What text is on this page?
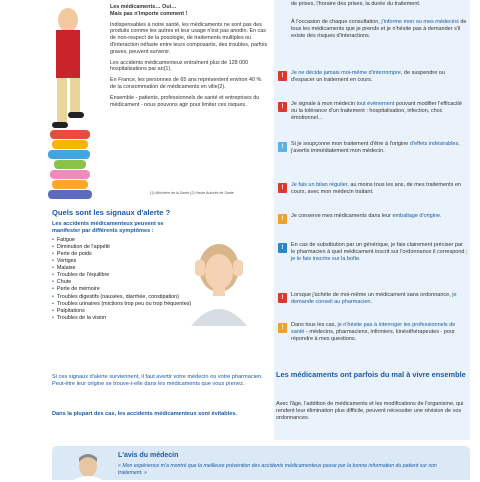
Les médicaments… Oui…

Mais pas n'importe comment !

Indispensables à notre santé, les médicaments ne sont pas des produits comme les autres et leur usage n'est pas anodin. En cas de non-respect de la posologie, de traitements multiples ou d'interaction néfaste entre leurs composants, des troubles, parfois graves, peuvent survenir.

Les accidents médicamenteux entraînent plus de 128 000 hospitalisations par an(1).

En France, les personnes de 65 ans représentent environ 40 % de la consommation de médicaments en ville(2).

Ensemble - patients, professionnels de santé et entreprises du médicament - nous pouvons agir pour limiter ces risques.

(1) Ministère de la Santé (2) Haute Autorité de Santé

Quels sont les signaux d'alerte ?

Les accidents médicamenteux peuvent se manifester par différents symptômes :

• Fatigue
• Diminution de l'appétit
• Perte de poids
• Vertiges
• Malaise
• Troubles de l'équilibre
• Chute
• Perte de mémoire
• Troubles digestifs (nausées, diarrhée, constipation)
• Troubles urinaires (mictions trop peu ou trop fréquentes)
• Palpitations
• Troubles de la vision

Si ces signaux d'alerte surviennent, il faut avertir votre médecin ou votre pharmacien. Peut-être leur origine se trouve-t-elle dans les médicaments que vous prenez.

Dans la plupart des cas, les accidents médicamenteux sont évitables.

L'avis du médecin
« Mon expérience m'a montré que la meilleure prévention des accidents médicamenteux passe par la bonne information du patient sur son traitement. »
de prises, l'horaire des prises, la durée du traitement.
À l'occasion de chaque consultation, j'informe mon ou mes médecins de tous les médicaments que je prends et je n'hésite pas à demander s'il existe des risques d'interactions.
!	Je ne décide jamais moi-même d'interrompre, de suspendre ou d'espacer un traitement en cours.
!	Je signale à mon médecin tout événement pouvant modifier l'efficacité ou la tolérance d'un traitement : hospitalisation, infection, choc émotionnel…
!	Si je soupçonne mon traitement d'être à l'origine d'effets indésirables, j'avertis immédiatement mon médecin.
!	Je fais un bilan régulier, au moins tous les ans, de mes traitements en cours, avec mon médecin traitant.
!	Je conserve mes médicaments dans leur emballage d'origine.
!	En cas de substitution par un générique, je fais clairement préciser par le pharmacien à quel médicament inscrit sur l'ordonnance il correspond ; je le fais inscrire sur la boîte.
!	Lorsque j'achète de moi-même un médicament sans ordonnance, je demande conseil au pharmacien.
!	Dans tous les cas, je n'hésite pas à interroger les professionnels de santé - médecins, pharmaciens, infirmiers, kinésithérapeutes - pour répondre à mes questions.

Les médicaments ont parfois du mal à vivre ensemble

Avec l'âge, l'addition de médicaments et les modifications de l'organisme, qui rendent leur élimination plus difficile, peuvent nécessiter une révision de vos ordonnances.
